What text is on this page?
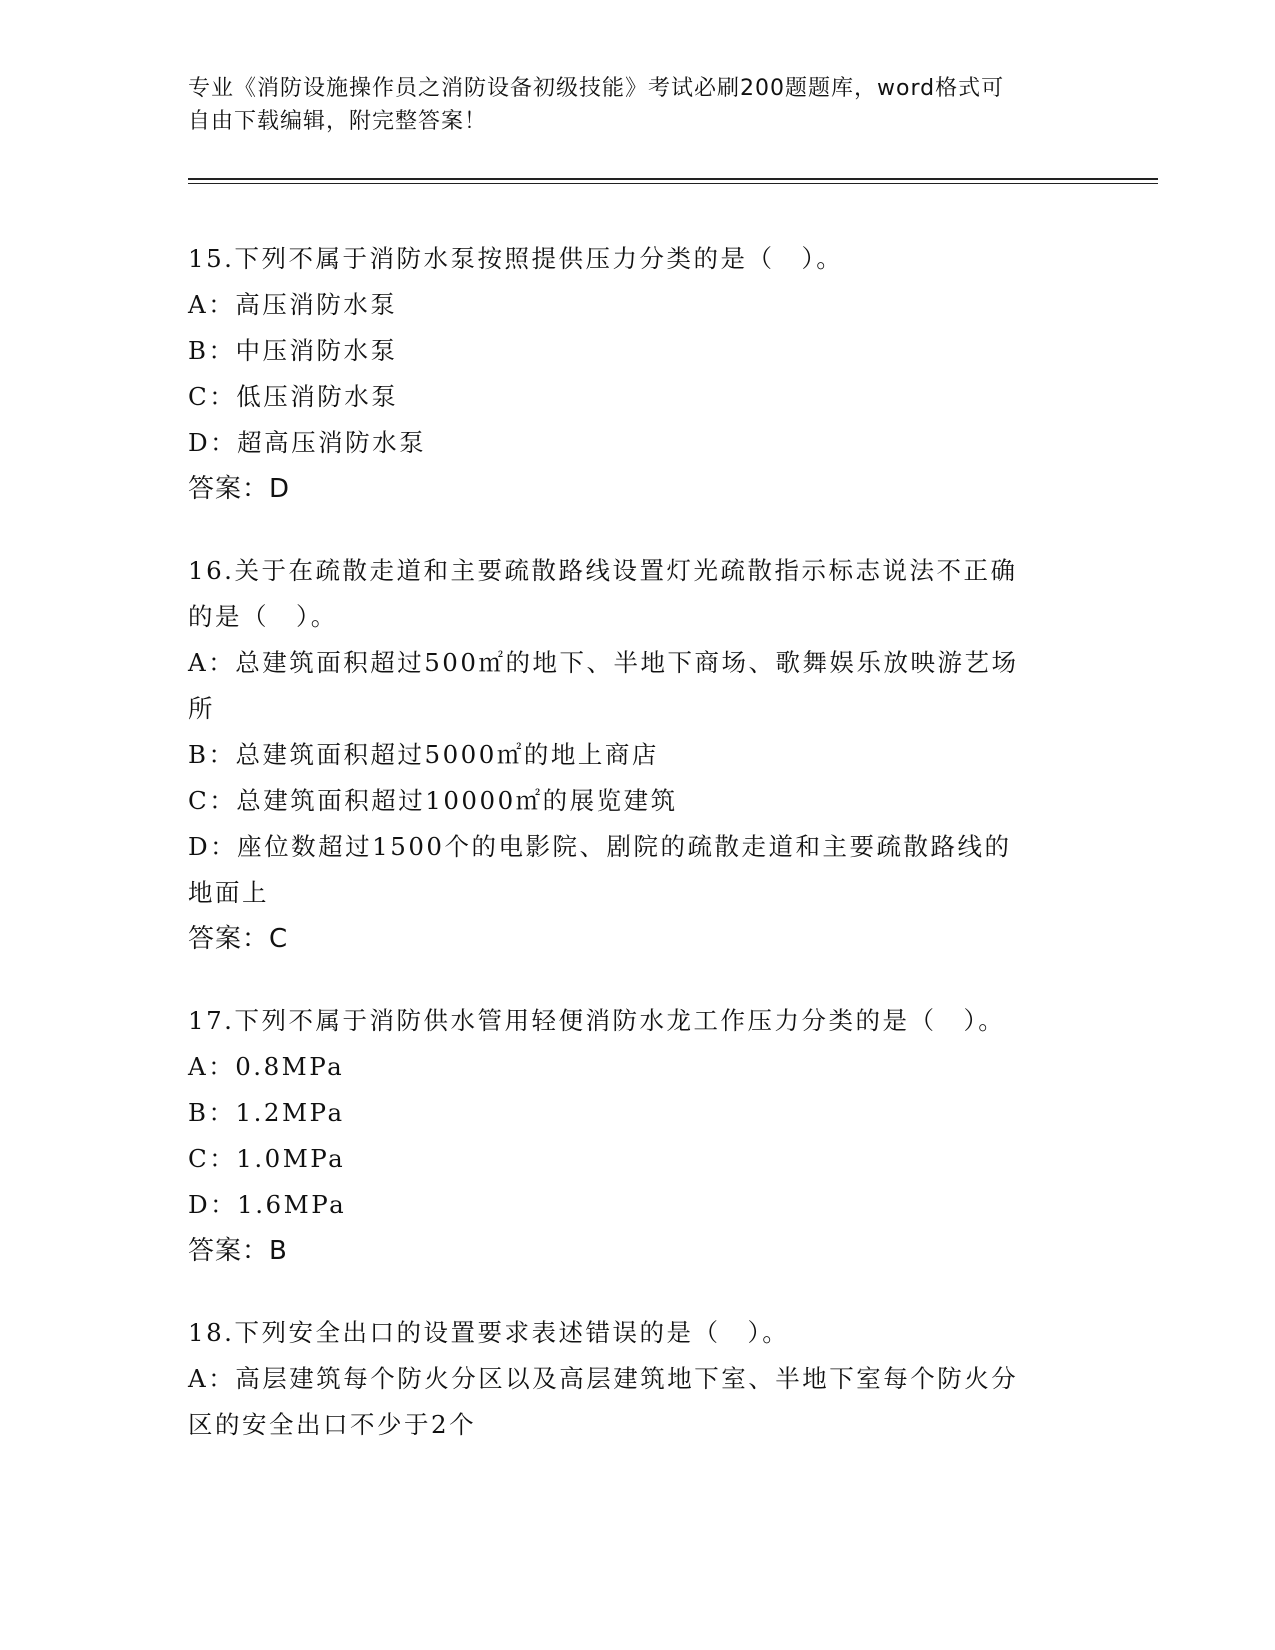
专业《消防设施操作员之消防设备初级技能》考试必刷200题题库，word格式可
自由下载编辑，附完整答案！
15.下列不属于消防水泵按照提供压力分类的是（　）。
A：高压消防水泵
B：中压消防水泵
C：低压消防水泵
D：超高压消防水泵
答案：D
16.关于在疏散走道和主要疏散路线设置灯光疏散指示标志说法不正确
的是（　）。
A：总建筑面积超过500㎡的地下、半地下商场、歌舞娱乐放映游艺场
所
B：总建筑面积超过5000㎡的地上商店
C：总建筑面积超过10000㎡的展览建筑
D：座位数超过1500个的电影院、剧院的疏散走道和主要疏散路线的
地面上
答案：C
17.下列不属于消防供水管用轻便消防水龙工作压力分类的是（　）。
A：0.8MPa
B：1.2MPa
C：1.0MPa
D：1.6MPa
答案：B
18.下列安全出口的设置要求表述错误的是（　）。
A：高层建筑每个防火分区以及高层建筑地下室、半地下室每个防火分
区的安全出口不少于2个
